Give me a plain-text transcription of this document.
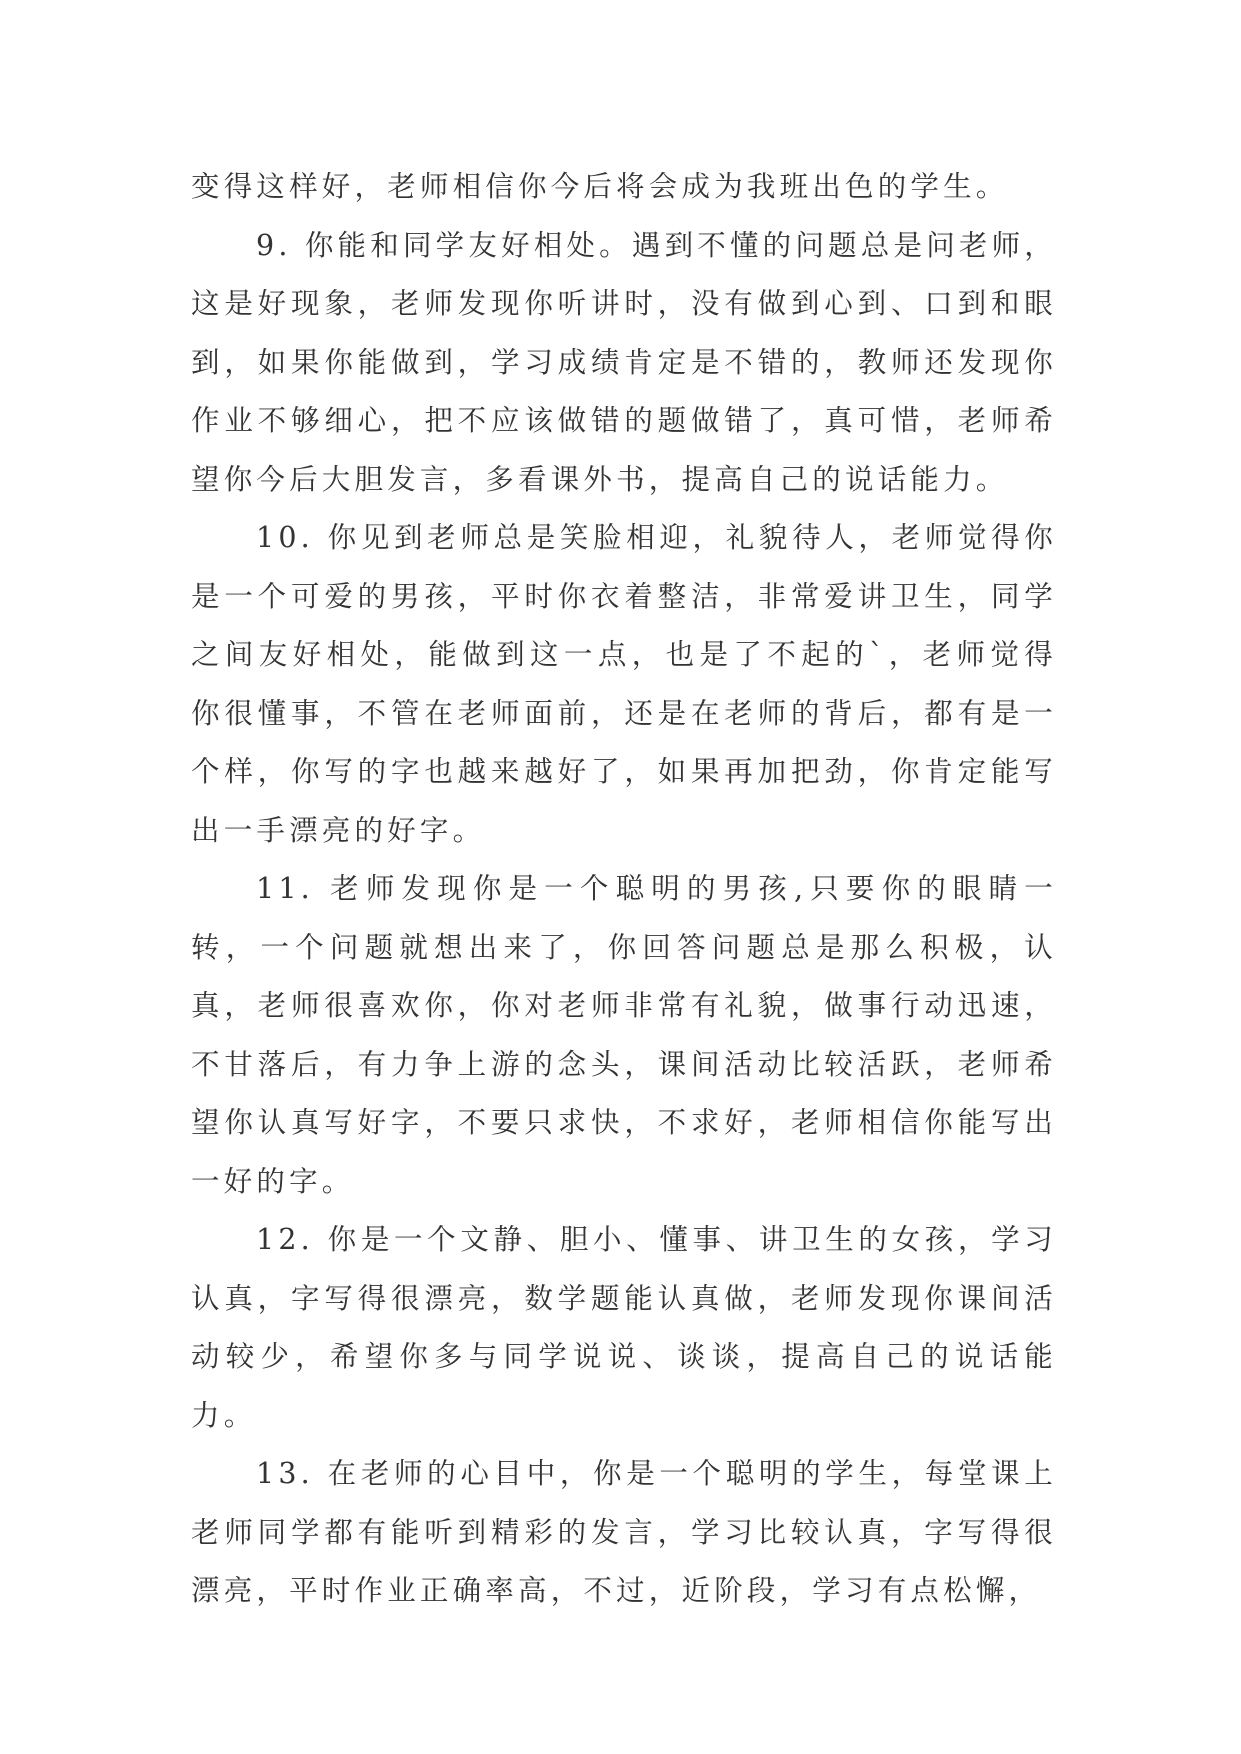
变得这样好，老师相信你今后将会成为我班出色的学生。

9. 你能和同学友好相处。遇到不懂的问题总是问老师，这是好现象，老师发现你听讲时，没有做到心到、口到和眼到，如果你能做到，学习成绩肯定是不错的，教师还发现你作业不够细心，把不应该做错的题做错了，真可惜，老师希望你今后大胆发言，多看课外书，提高自己的说话能力。

10. 你见到老师总是笑脸相迎，礼貌待人，老师觉得你是一个可爱的男孩，平时你衣着整洁，非常爱讲卫生，同学之间友好相处，能做到这一点，也是了不起的`，老师觉得你很懂事，不管在老师面前，还是在老师的背后，都有是一个样，你写的字也越来越好了，如果再加把劲，你肯定能写出一手漂亮的好字。

11. 老师发现你是一个聪明的男孩,只要你的眼睛一转，一个问题就想出来了，你回答问题总是那么积极，认真，老师很喜欢你，你对老师非常有礼貌，做事行动迅速，不甘落后，有力争上游的念头，课间活动比较活跃，老师希望你认真写好字，不要只求快，不求好，老师相信你能写出一好的字。

12. 你是一个文静、胆小、懂事、讲卫生的女孩，学习认真，字写得很漂亮，数学题能认真做，老师发现你课间活动较少，希望你多与同学说说、谈谈，提高自己的说话能力。

13. 在老师的心目中，你是一个聪明的学生，每堂课上老师同学都有能听到精彩的发言，学习比较认真，字写得很漂亮，平时作业正确率高，不过，近阶段，学习有点松懈，
